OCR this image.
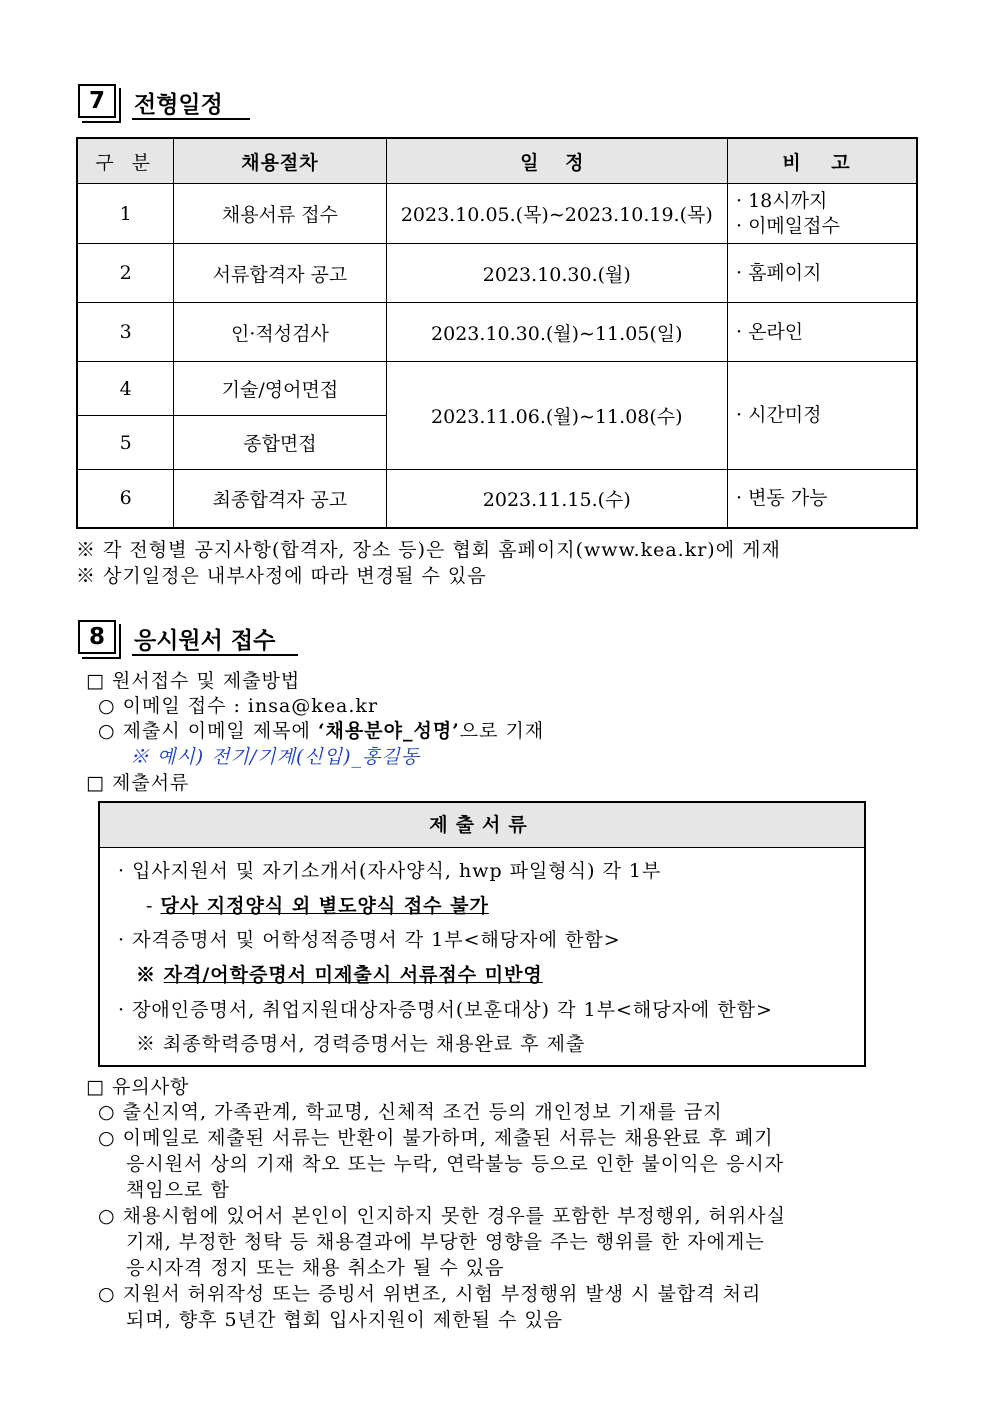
7	전형일정
구 분	채용절차	일 정	비 고
1	채용서류 접수	2023.10.05.(목)∼2023.10.19.(목)	· 18시까지
· 이메일접수

2	서류합격자 공고	2023.10.30.(월)	· 홈페이지
3	인·적성검사	2023.10.30.(월)∼11.05(일)	· 온라인
4	기술/영어면접	2023.11.06.(월)∼11.08(수)	· 시간미정
5	종합면접		
6	최종합격자 공고	2023.11.15.(수)	· 변동 가능
※ 각 전형별 공지사항(합격자, 장소 등)은 협회 홈페이지(www.kea.kr)에 게재
※ 상기일정은 내부사정에 따라 변경될 수 있음
8	응시원서 접수
□ 원서접수 및 제출방법
○ 이메일 접수 : insa@kea.kr
○ 제출시 이메일 제목에 ‘채용분야_성명’으로 기재
※ 예시) 전기/기계(신입)_홍길동
□ 제출서류
제출서류
· 입사지원서 및 자기소개서(자사양식, hwp 파일형식) 각 1부
- 당사 지정양식 외 별도양식 접수 불가
· 자격증명서 및 어학성적증명서 각 1부<해당자에 한함>
※ 자격/어학증명서 미제출시 서류점수 미반영
· 장애인증명서, 취업지원대상자증명서(보훈대상) 각 1부<해당자에 한함>
※ 최종학력증명서, 경력증명서는 채용완료 후 제출
□ 유의사항
○ 출신지역, 가족관계, 학교명, 신체적 조건 등의 개인정보 기재를 금지
○ 이메일로 제출된 서류는 반환이 불가하며, 제출된 서류는 채용완료 후 폐기
응시원서 상의 기재 착오 또는 누락, 연락불능 등으로 인한 불이익은 응시자
책임으로 함
○ 채용시험에 있어서 본인이 인지하지 못한 경우를 포함한 부정행위, 허위사실
기재, 부정한 청탁 등 채용결과에 부당한 영향을 주는 행위를 한 자에게는
응시자격 정지 또는 채용 취소가 될 수 있음
○ 지원서 허위작성 또는 증빙서 위변조, 시험 부정행위 발생 시 불합격 처리
되며, 향후 5년간 협회 입사지원이 제한될 수 있음
